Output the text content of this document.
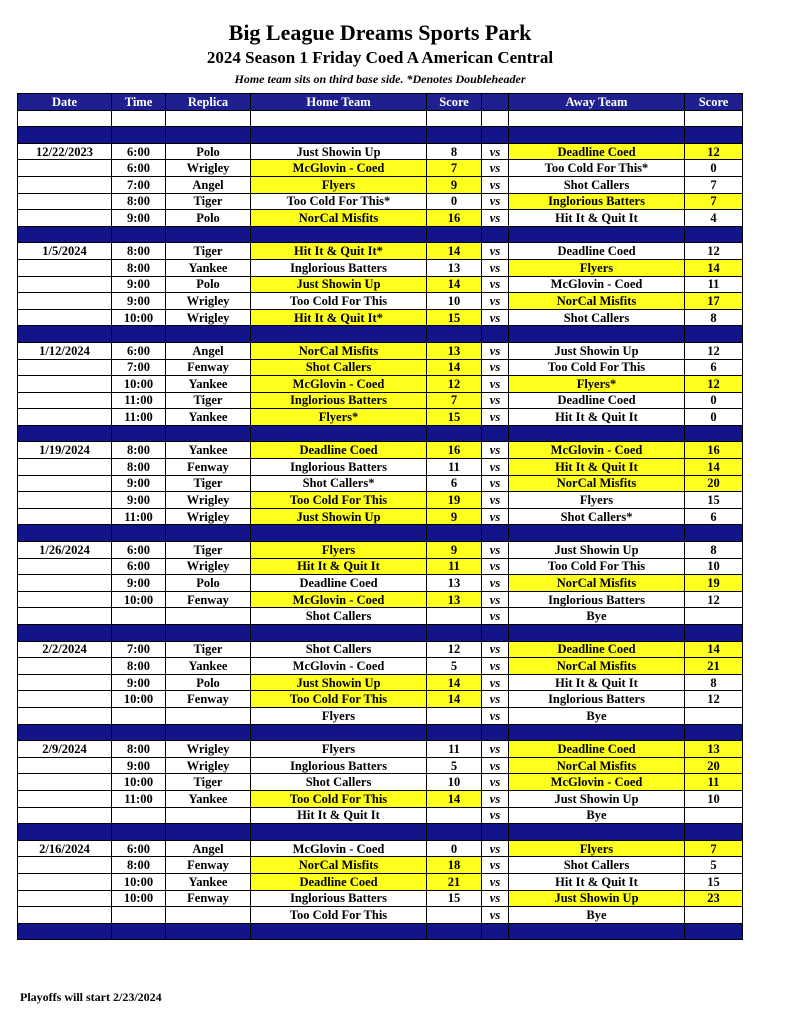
Big League Dreams Sports Park
2024 Season 1 Friday Coed A American Central
Home team sits on third base side. *Denotes Doubleheader
Date	Time	Replica	Home Team	Score		Away Team	Score

12/22/2023	6:00	Polo	Just Showin Up	8	vs	Deadline Coed	12
	6:00	Wrigley	McGlovin - Coed	7	vs	Too Cold For This*	0
	7:00	Angel	Flyers	9	vs	Shot Callers	7
	8:00	Tiger	Too Cold For This*	0	vs	Inglorious Batters	7
	9:00	Polo	NorCal Misfits	16	vs	Hit It & Quit It	4

1/5/2024	8:00	Tiger	Hit It & Quit It*	14	vs	Deadline Coed	12
	8:00	Yankee	Inglorious Batters	13	vs	Flyers	14
	9:00	Polo	Just Showin Up	14	vs	McGlovin - Coed	11
	9:00	Wrigley	Too Cold For This	10	vs	NorCal Misfits	17
	10:00	Wrigley	Hit It & Quit It*	15	vs	Shot Callers	8

1/12/2024	6:00	Angel	NorCal Misfits	13	vs	Just Showin Up	12
	7:00	Fenway	Shot Callers	14	vs	Too Cold For This	6
	10:00	Yankee	McGlovin - Coed	12	vs	Flyers*	12
	11:00	Tiger	Inglorious Batters	7	vs	Deadline Coed	0
	11:00	Yankee	Flyers*	15	vs	Hit It & Quit It	0

1/19/2024	8:00	Yankee	Deadline Coed	16	vs	McGlovin - Coed	16
	8:00	Fenway	Inglorious Batters	11	vs	Hit It & Quit It	14
	9:00	Tiger	Shot Callers*	6	vs	NorCal Misfits	20
	9:00	Wrigley	Too Cold For This	19	vs	Flyers	15
	11:00	Wrigley	Just Showin Up	9	vs	Shot Callers*	6

1/26/2024	6:00	Tiger	Flyers	9	vs	Just Showin Up	8
	6:00	Wrigley	Hit It & Quit It	11	vs	Too Cold For This	10
	9:00	Polo	Deadline Coed	13	vs	NorCal Misfits	19
	10:00	Fenway	McGlovin - Coed	13	vs	Inglorious Batters	12
			Shot Callers		vs	Bye	

2/2/2024	7:00	Tiger	Shot Callers	12	vs	Deadline Coed	14
	8:00	Yankee	McGlovin - Coed	5	vs	NorCal Misfits	21
	9:00	Polo	Just Showin Up	14	vs	Hit It & Quit It	8
	10:00	Fenway	Too Cold For This	14	vs	Inglorious Batters	12
			Flyers		vs	Bye	

2/9/2024	8:00	Wrigley	Flyers	11	vs	Deadline Coed	13
	9:00	Wrigley	Inglorious Batters	5	vs	NorCal Misfits	20
	10:00	Tiger	Shot Callers	10	vs	McGlovin - Coed	11
	11:00	Yankee	Too Cold For This	14	vs	Just Showin Up	10
			Hit It & Quit It		vs	Bye	

2/16/2024	6:00	Angel	McGlovin - Coed	0	vs	Flyers	7
	8:00	Fenway	NorCal Misfits	18	vs	Shot Callers	5
	10:00	Yankee	Deadline Coed	21	vs	Hit It & Quit It	15
	10:00	Fenway	Inglorious Batters	15	vs	Just Showin Up	23
			Too Cold For This		vs	Bye	

Playoffs will start 2/23/2024
